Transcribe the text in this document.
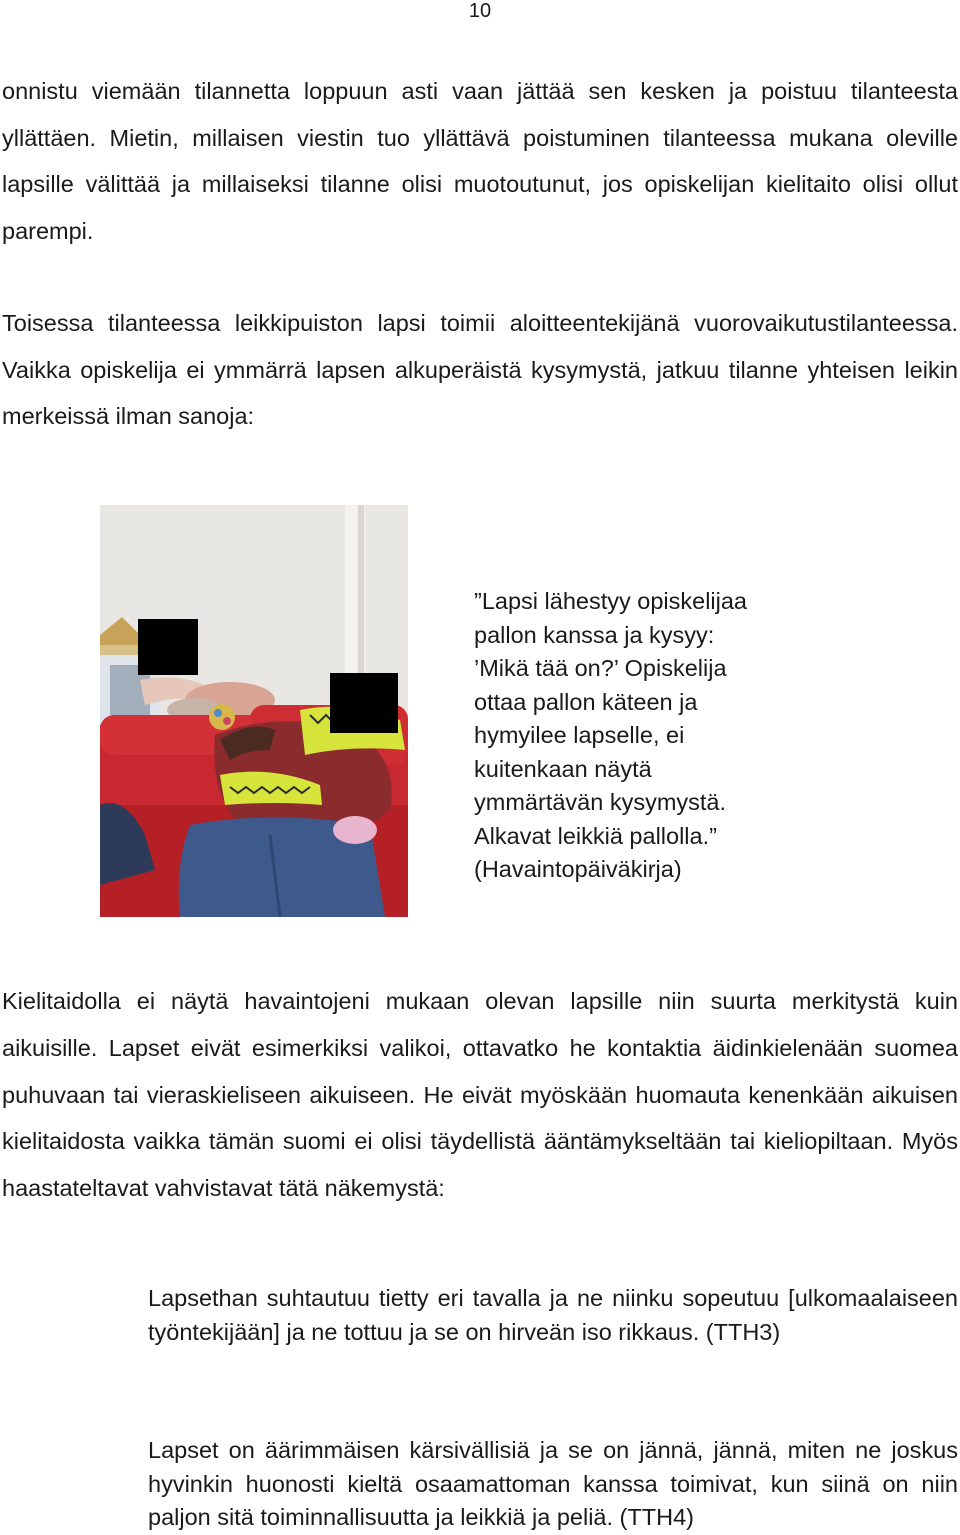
10

onnistu viemään tilannetta loppuun asti vaan jättää sen kesken ja poistuu tilanteesta yllättäen. Mietin, millaisen viestin tuo yllättävä poistuminen tilanteessa mukana oleville lapsille välittää ja millaiseksi tilanne olisi muotoutunut, jos opiskelijan kielitaito olisi ollut parempi.

Toisessa tilanteessa leikkipuiston lapsi toimii aloitteentekijänä vuorovaikutustilanteessa. Vaikka opiskelija ei ymmärrä lapsen alkuperäistä kysymystä, jatkuu tilanne yhteisen leikin merkeissä ilman sanoja:

”Lapsi lähestyy opiskelijaa pallon kanssa ja kysyy: ’Mikä tää on?’ Opiskelija ottaa pallon käteen ja hymyilee lapselle, ei kuitenkaan näytä ymmärtävän kysymystä. Alkavat leikkiä pallolla.” (Havaintopäiväkirja)

Kielitaidolla ei näytä havaintojeni mukaan olevan lapsille niin suurta merkitystä kuin aikuisille. Lapset eivät esimerkiksi valikoi, ottavatko he kontaktia äidinkielenään suomea puhuvaan tai vieraskieliseen aikuiseen. He eivät myöskään huomauta kenenkään aikuisen kielitaidosta vaikka tämän suomi ei olisi täydellistä ääntämykseltään tai kieliopiltaan. Myös haastateltavat vahvistavat tätä näkemystä:

Lapsethan suhtautuu tietty eri tavalla ja ne niinku sopeutuu [ulkomaalaiseen työntekijään] ja ne tottuu ja se on hirveän iso rikkaus. (TTH3)

Lapset on äärimmäisen kärsivällisiä ja se on jännä, jännä, miten ne joskus hyvinkin huonosti kieltä osaamattoman kanssa toimivat, kun siinä on niin paljon sitä toiminnallisuutta ja leikkiä ja peliä. (TTH4)
